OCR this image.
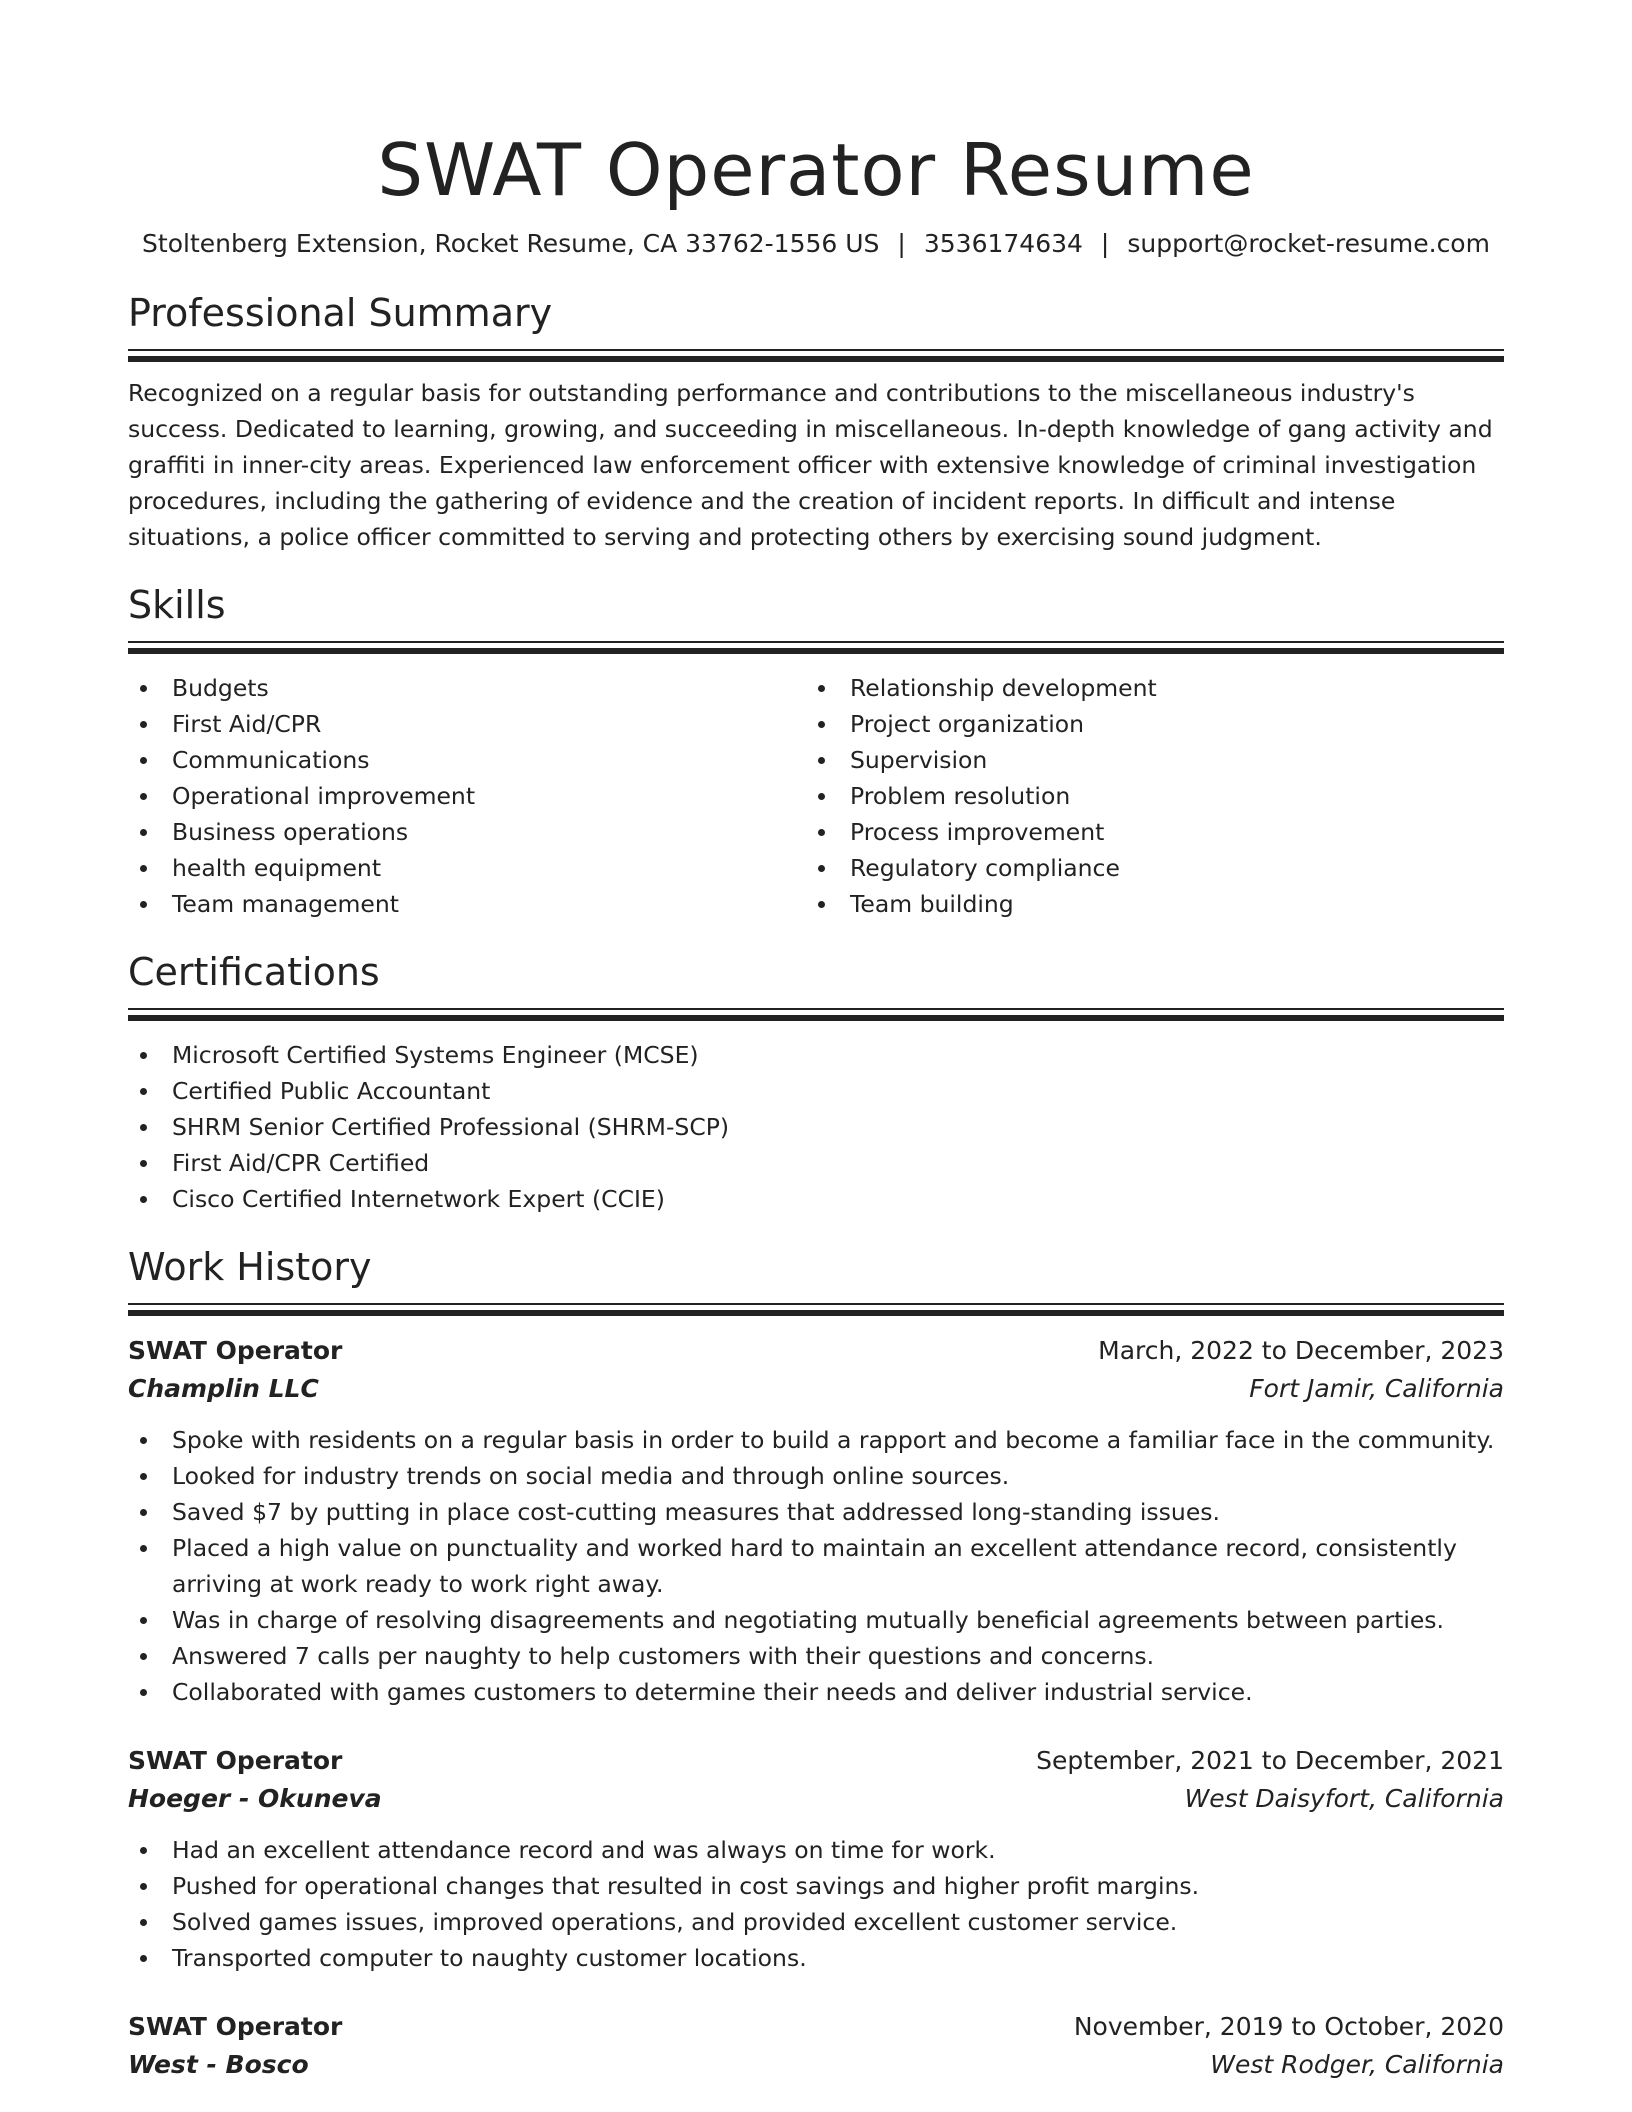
SWAT Operator Resume
Stoltenberg Extension, Rocket Resume, CA 33762-1556 US | 3536174634 | support@rocket-resume.com
Professional Summary
Recognized on a regular basis for outstanding performance and contributions to the miscellaneous industry's success. Dedicated to learning, growing, and succeeding in miscellaneous. In-depth knowledge of gang activity and graffiti in inner-city areas. Experienced law enforcement officer with extensive knowledge of criminal investigation procedures, including the gathering of evidence and the creation of incident reports. In difficult and intense situations, a police officer committed to serving and protecting others by exercising sound judgment.
Skills
Budgets
First Aid/CPR
Communications
Operational improvement
Business operations
health equipment
Team management
Relationship development
Project organization
Supervision
Problem resolution
Process improvement
Regulatory compliance
Team building
Certifications
Microsoft Certified Systems Engineer (MCSE)
Certified Public Accountant
SHRM Senior Certified Professional (SHRM-SCP)
First Aid/CPR Certified
Cisco Certified Internetwork Expert (CCIE)
Work History
SWAT Operator	March, 2022 to December, 2023
Champlin LLC	Fort Jamir, California
Spoke with residents on a regular basis in order to build a rapport and become a familiar face in the community.
Looked for industry trends on social media and through online sources.
Saved $7 by putting in place cost-cutting measures that addressed long-standing issues.
Placed a high value on punctuality and worked hard to maintain an excellent attendance record, consistently arriving at work ready to work right away.
Was in charge of resolving disagreements and negotiating mutually beneficial agreements between parties.
Answered 7 calls per naughty to help customers with their questions and concerns.
Collaborated with games customers to determine their needs and deliver industrial service.
SWAT Operator	September, 2021 to December, 2021
Hoeger - Okuneva	West Daisyfort, California
Had an excellent attendance record and was always on time for work.
Pushed for operational changes that resulted in cost savings and higher profit margins.
Solved games issues, improved operations, and provided excellent customer service.
Transported computer to naughty customer locations.
SWAT Operator	November, 2019 to October, 2020
West - Bosco	West Rodger, California
